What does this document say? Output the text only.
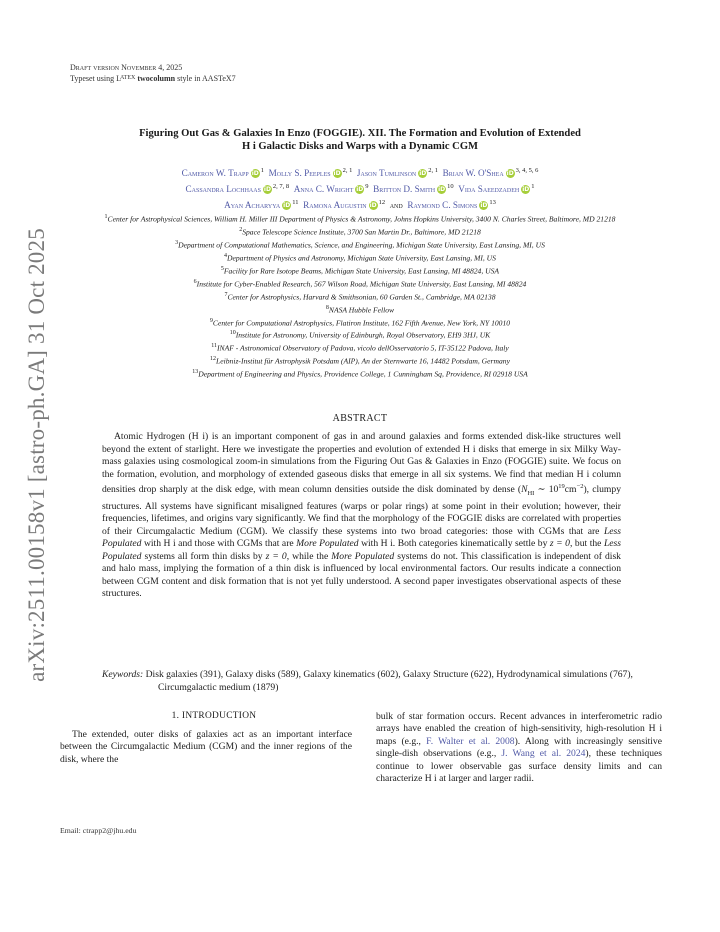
arXiv:2511.00158v1 [astro-ph.GA] 31 Oct 2025
Draft version November 4, 2025
Typeset using $L^{ATEX}$ twocolumn style in AASTeX7
Figuring Out Gas & Galaxies In Enzo (FOGGIE). XII. The Formation and Evolution of Extended
H i Galactic Disks and Warps with a Dynamic CGM
Cameron W. Trapp iD $^1$ Molly S. Peeples iD $^{2, 1}$ Jason Tumlinson iD $^{2, 1}$ Brian W. O'Shea iD $^{3, 4, 5, 6}$
Cassandra Lochhaas iD $^{2, 7, 8}$ Anna C. Wright iD $^9$ Britton D. Smith iD $^{10}$ Vida Saeedzadeh iD $^1$
Ayan Acharyya iD $^{11}$ Ramona Augustin iD $^{12}$ and Raymond C. Simons iD $^{13}$
$^1$Center for Astrophysical Sciences, William H. Miller III Department of Physics & Astronomy, Johns Hopkins University, 3400 N. Charles Street, Baltimore, MD 21218
$^2$Space Telescope Science Institute, 3700 San Martin Dr., Baltimore, MD 21218
$^3$Department of Computational Mathematics, Science, and Engineering, Michigan State University, East Lansing, MI, US
$^4$Department of Physics and Astronomy, Michigan State University, East Lansing, MI, US
$^5$Facility for Rare Isotope Beams, Michigan State University, East Lansing, MI 48824, USA
$^6$Institute for Cyber-Enabled Research, 567 Wilson Road, Michigan State University, East Lansing, MI 48824
$^7$Center for Astrophysics, Harvard & Smithsonian, 60 Garden St., Cambridge, MA 02138
$^8$NASA Hubble Fellow
$^9$Center for Computational Astrophysics, Flatiron Institute, 162 Fifth Avenue, New York, NY 10010
$^{10}$Institute for Astronomy, University of Edinburgh, Royal Observatory, EH9 3HJ, UK
$^{11}$INAF - Astronomical Observatory of Padova, vicolo dellOsservatorio 5, IT-35122 Padova, Italy
$^{12}$Leibniz-Institut für Astrophysik Potsdam (AIP), An der Sternwarte 16, 14482 Potsdam, Germany
$^{13}$Department of Engineering and Physics, Providence College, 1 Cunningham Sq, Providence, RI 02918 USA
ABSTRACT
Atomic Hydrogen (H i) is an important component of gas in and around galaxies and forms extended disk-like structures well beyond the extent of starlight. Here we investigate the properties and evolution of extended H i disks that emerge in six Milky Way-mass galaxies using cosmological zoom-in simulations from the Figuring Out Gas & Galaxies in Enzo (FOGGIE) suite. We focus on the formation, evolution, and morphology of extended gaseous disks that emerge in all six systems. We find that median H i column densities drop sharply at the disk edge, with mean column densities outside the disk dominated by dense ($N_{HI}$ ∼ $10^{19}cm^{-2}$), clumpy structures. All systems have significant misaligned features (warps or polar rings) at some point in their evolution; however, their frequencies, lifetimes, and origins vary significantly. We find that the morphology of the FOGGIE disks are correlated with properties of their Circumgalactic Medium (CGM). We classify these systems into two broad categories: those with CGMs that are Less Populated with H i and those with CGMs that are More Populated with H i. Both categories kinematically settle by z = 0, but the Less Populated systems all form thin disks by z = 0, while the More Populated systems do not. This classification is independent of disk and halo mass, implying the formation of a thin disk is influenced by local environmental factors. Our results indicate a connection between CGM content and disk formation that is not yet fully understood. A second paper investigates observational aspects of these structures.
Keywords: Disk galaxies (391), Galaxy disks (589), Galaxy kinematics (602), Galaxy Structure (622), Hydrodynamical simulations (767), Circumgalactic medium (1879)
1. INTRODUCTION
The extended, outer disks of galaxies act as an important interface between the Circumgalactic Medium (CGM) and the inner regions of the disk, where the
bulk of star formation occurs. Recent advances in interferometric radio arrays have enabled the creation of high-sensitivity, high-resolution H i maps (e.g., F. Walter et al. 2008). Along with increasingly sensitive single-dish observations (e.g., J. Wang et al. 2024), these techniques continue to lower observable gas surface density limits and can characterize H i at larger and larger radii.
Email: ctrapp2@jhu.edu
